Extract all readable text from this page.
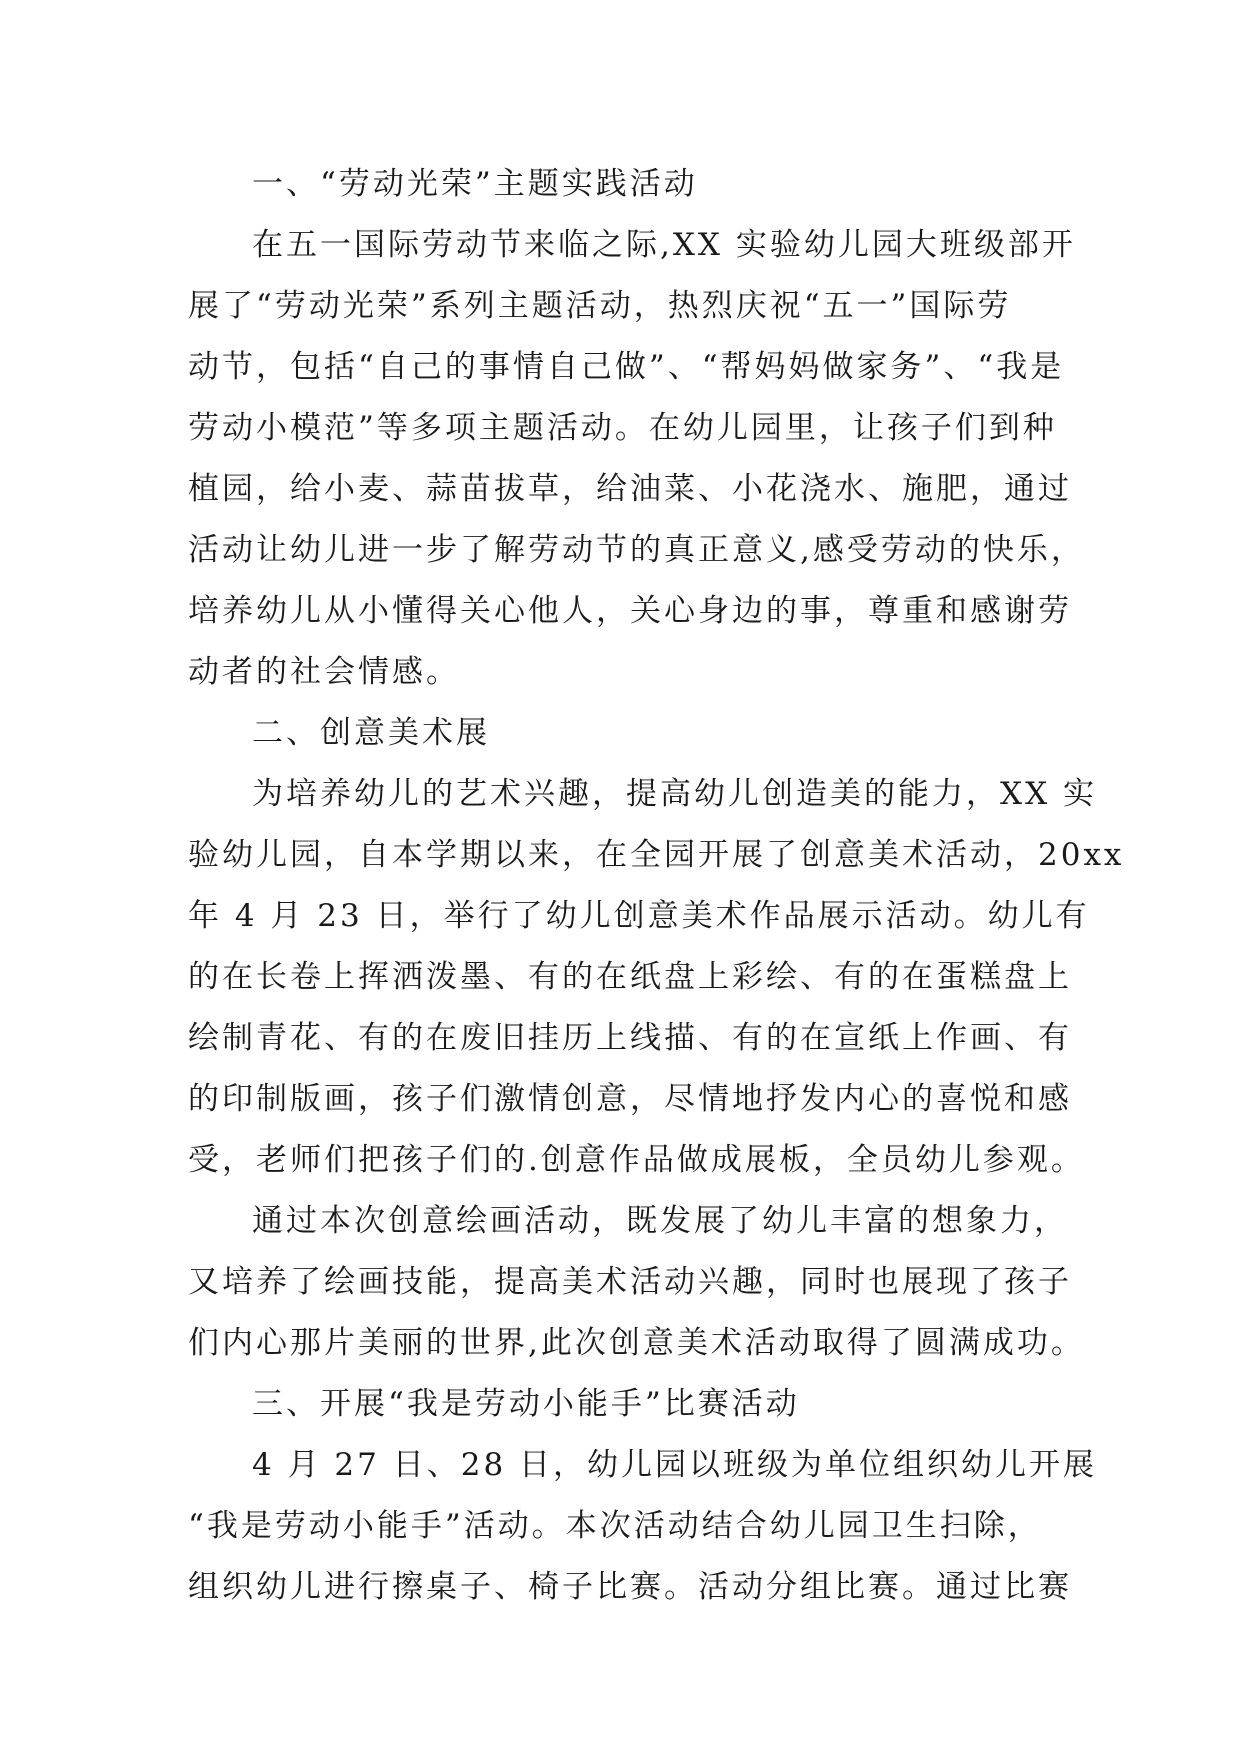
一、“劳动光荣”主题实践活动
在五一国际劳动节来临之际,XX 实验幼儿园大班级部开
展了“劳动光荣”系列主题活动，热烈庆祝“五一”国际劳
动节，包括“自己的事情自己做”、“帮妈妈做家务”、“我是
劳动小模范”等多项主题活动。在幼儿园里，让孩子们到种
植园，给小麦、蒜苗拔草，给油菜、小花浇水、施肥，通过
活动让幼儿进一步了解劳动节的真正意义,感受劳动的快乐，
培养幼儿从小懂得关心他人，关心身边的事，尊重和感谢劳
动者的社会情感。
二、创意美术展
为培养幼儿的艺术兴趣，提高幼儿创造美的能力，XX 实
验幼儿园，自本学期以来，在全园开展了创意美术活动，20xx
年 4 月 23 日，举行了幼儿创意美术作品展示活动。幼儿有
的在长卷上挥洒泼墨、有的在纸盘上彩绘、有的在蛋糕盘上
绘制青花、有的在废旧挂历上线描、有的在宣纸上作画、有
的印制版画，孩子们激情创意，尽情地抒发内心的喜悦和感
受，老师们把孩子们的.创意作品做成展板，全员幼儿参观。
通过本次创意绘画活动，既发展了幼儿丰富的想象力，
又培养了绘画技能，提高美术活动兴趣，同时也展现了孩子
们内心那片美丽的世界,此次创意美术活动取得了圆满成功。
三、开展“我是劳动小能手”比赛活动
4 月 27 日、28 日，幼儿园以班级为单位组织幼儿开展
“我是劳动小能手”活动。本次活动结合幼儿园卫生扫除，
组织幼儿进行擦桌子、椅子比赛。活动分组比赛。通过比赛
